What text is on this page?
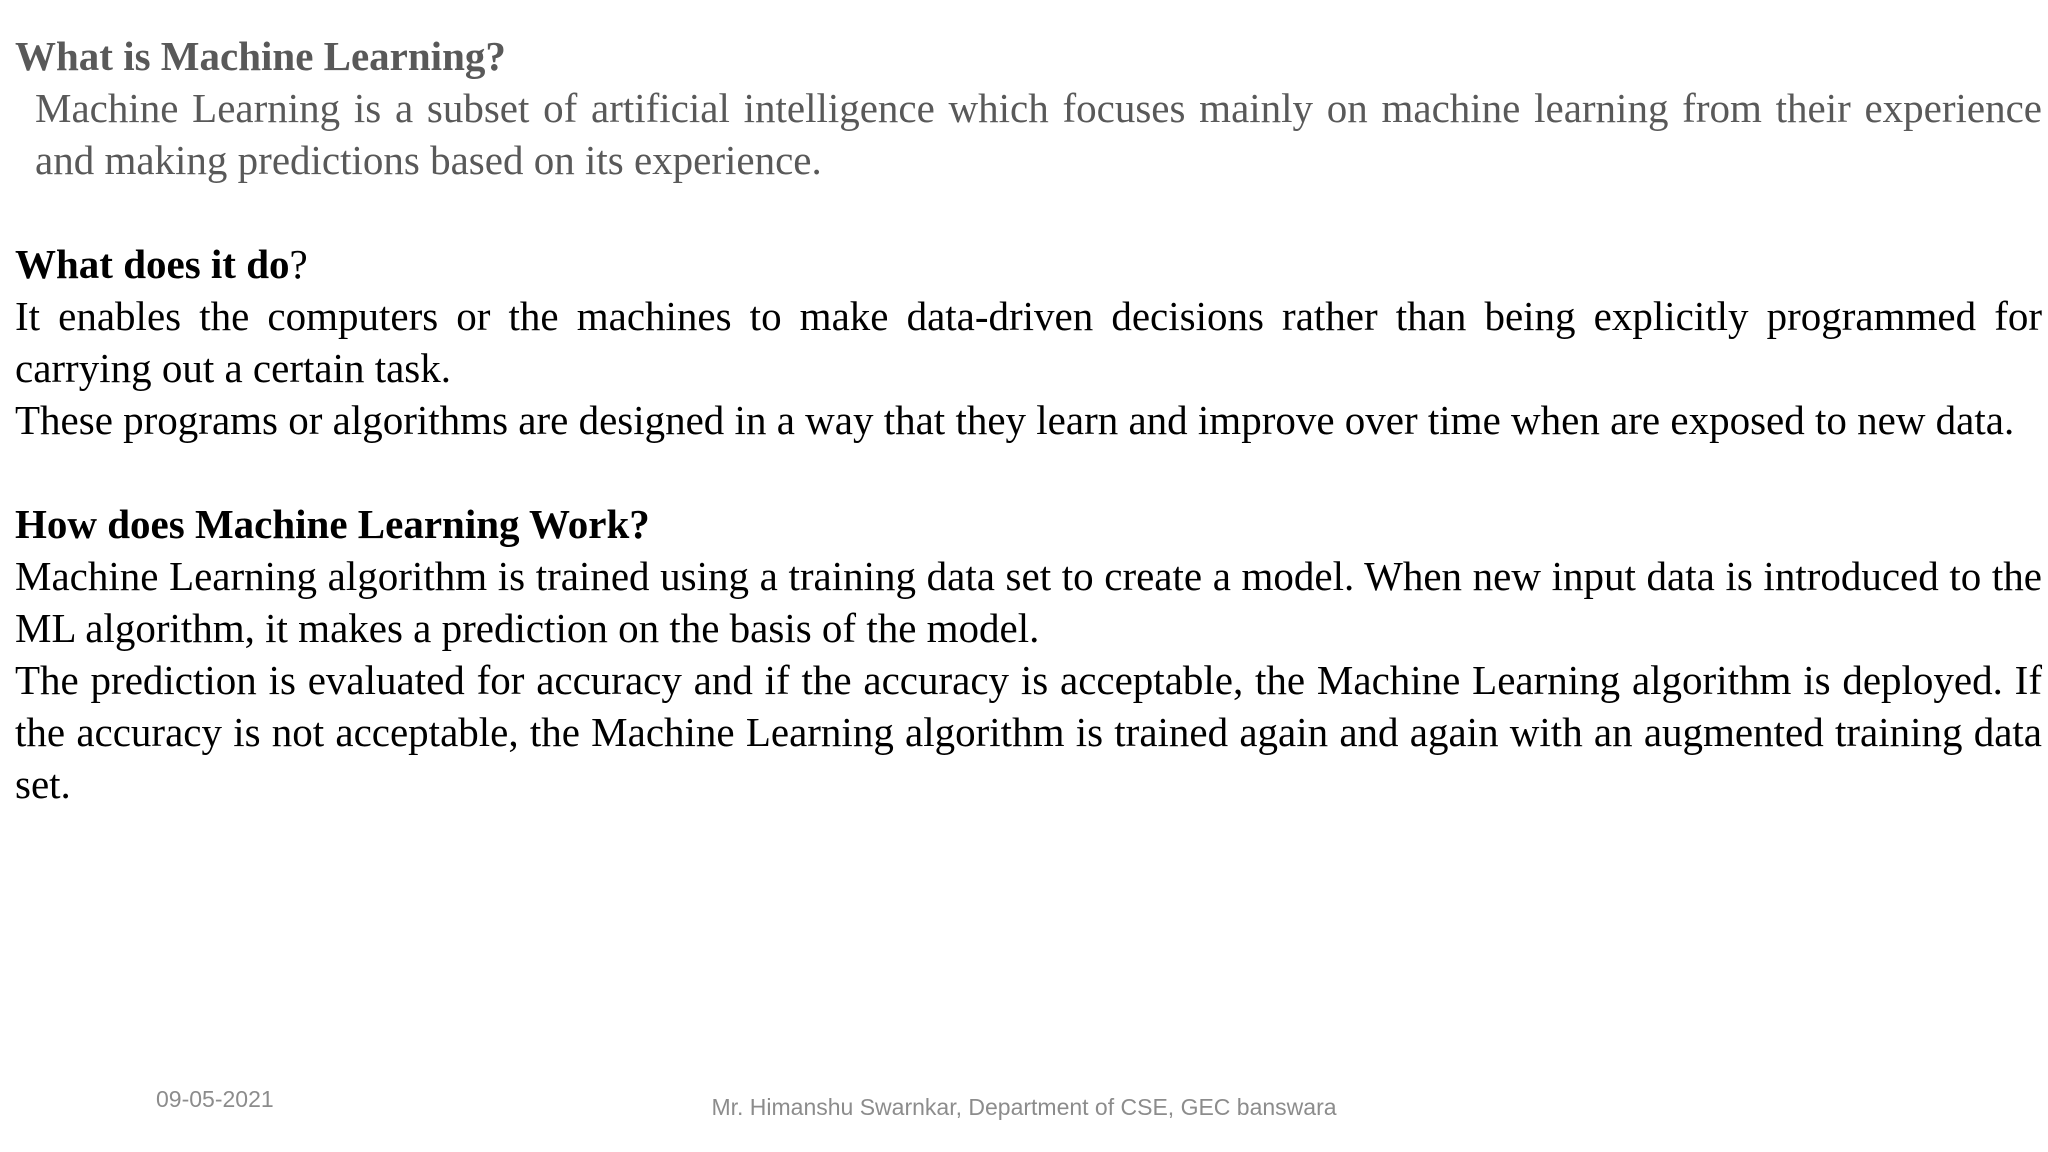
What is Machine Learning?

Machine Learning is a subset of artificial intelligence which focuses mainly on machine learning from their experience and making predictions based on its experience.

What does it do?

It enables the computers or the machines to make data-driven decisions rather than being explicitly programmed for carrying out a certain task.

These programs or algorithms are designed in a way that they learn and improve over time when are exposed to new data.

How does Machine Learning Work?

Machine Learning algorithm is trained using a training data set to create a model. When new input data is introduced to the ML algorithm, it makes a prediction on the basis of the model.

The prediction is evaluated for accuracy and if the accuracy is acceptable, the Machine Learning algorithm is deployed. If the accuracy is not acceptable, the Machine Learning algorithm is trained again and again with an augmented training data set.

09-05-2021	Mr. Himanshu Swarnkar, Department of CSE, GEC banswara
